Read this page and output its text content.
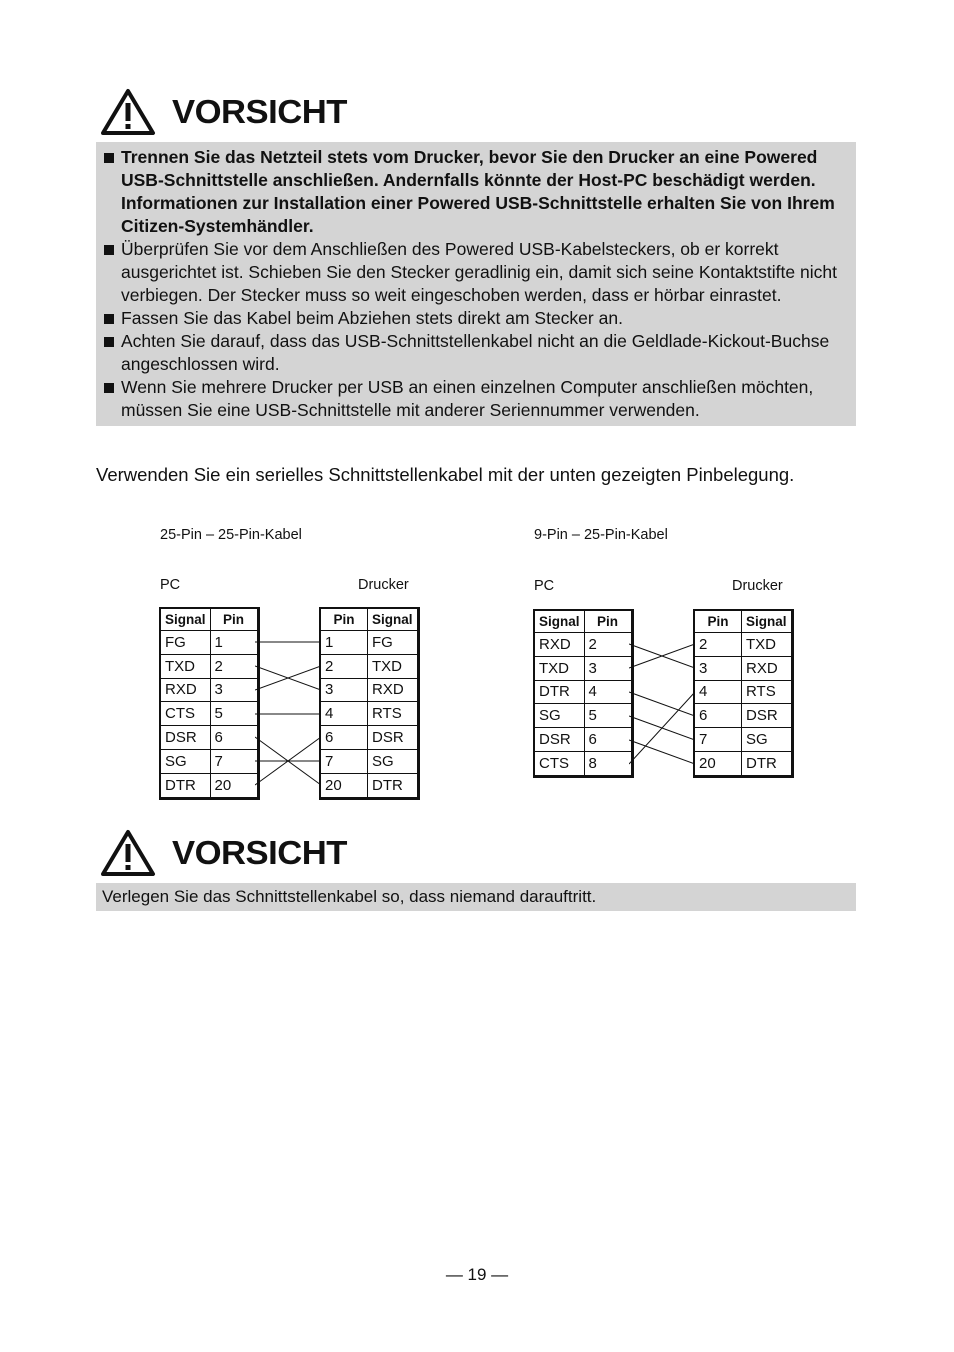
VORSICHT
Trennen Sie das Netzteil stets vom Drucker, bevor Sie den Drucker an eine Powered USB-Schnittstelle anschließen. Andernfalls könnte der Host-PC beschädigt werden. Informationen zur Installation einer Powered USB-Schnittstelle erhalten Sie von Ihrem Citizen-Systemhändler.
Überprüfen Sie vor dem Anschließen des Powered USB-Kabelsteckers, ob er korrekt ausgerichtet ist. Schieben Sie den Stecker geradlinig ein, damit sich seine Kontaktstifte nicht verbiegen. Der Stecker muss so weit eingeschoben werden, dass er hörbar einrastet.
Fassen Sie das Kabel beim Abziehen stets direkt am Stecker an.
Achten Sie darauf, dass das USB-Schnittstellenkabel nicht an die Geldlade-Kickout-Buchse angeschlossen wird.
Wenn Sie mehrere Drucker per USB an einen einzelnen Computer anschließen möchten, müssen Sie eine USB-Schnittstelle mit anderer Seriennummer verwenden.
Verwenden Sie ein serielles Schnittstellenkabel mit der unten gezeigten Pinbelegung.
25-Pin – 25-Pin-Kabel
PC	Drucker
Signal	Pin
FG	1
TXD	2
RXD	3
CTS	5
DSR	6
SG	7
DTR	20
Pin	Signal
1	FG
2	TXD
3	RXD
4	RTS
6	DSR
7	SG
20	DTR
9-Pin – 25-Pin-Kabel
PC	Drucker
Signal	Pin
RXD	2
TXD	3
DTR	4
SG	5
DSR	6
CTS	8
Pin	Signal
2	TXD
3	RXD
4	RTS
6	DSR
7	SG
20	DTR
VORSICHT
Verlegen Sie das Schnittstellenkabel so, dass niemand darauftritt.
— 19 —
